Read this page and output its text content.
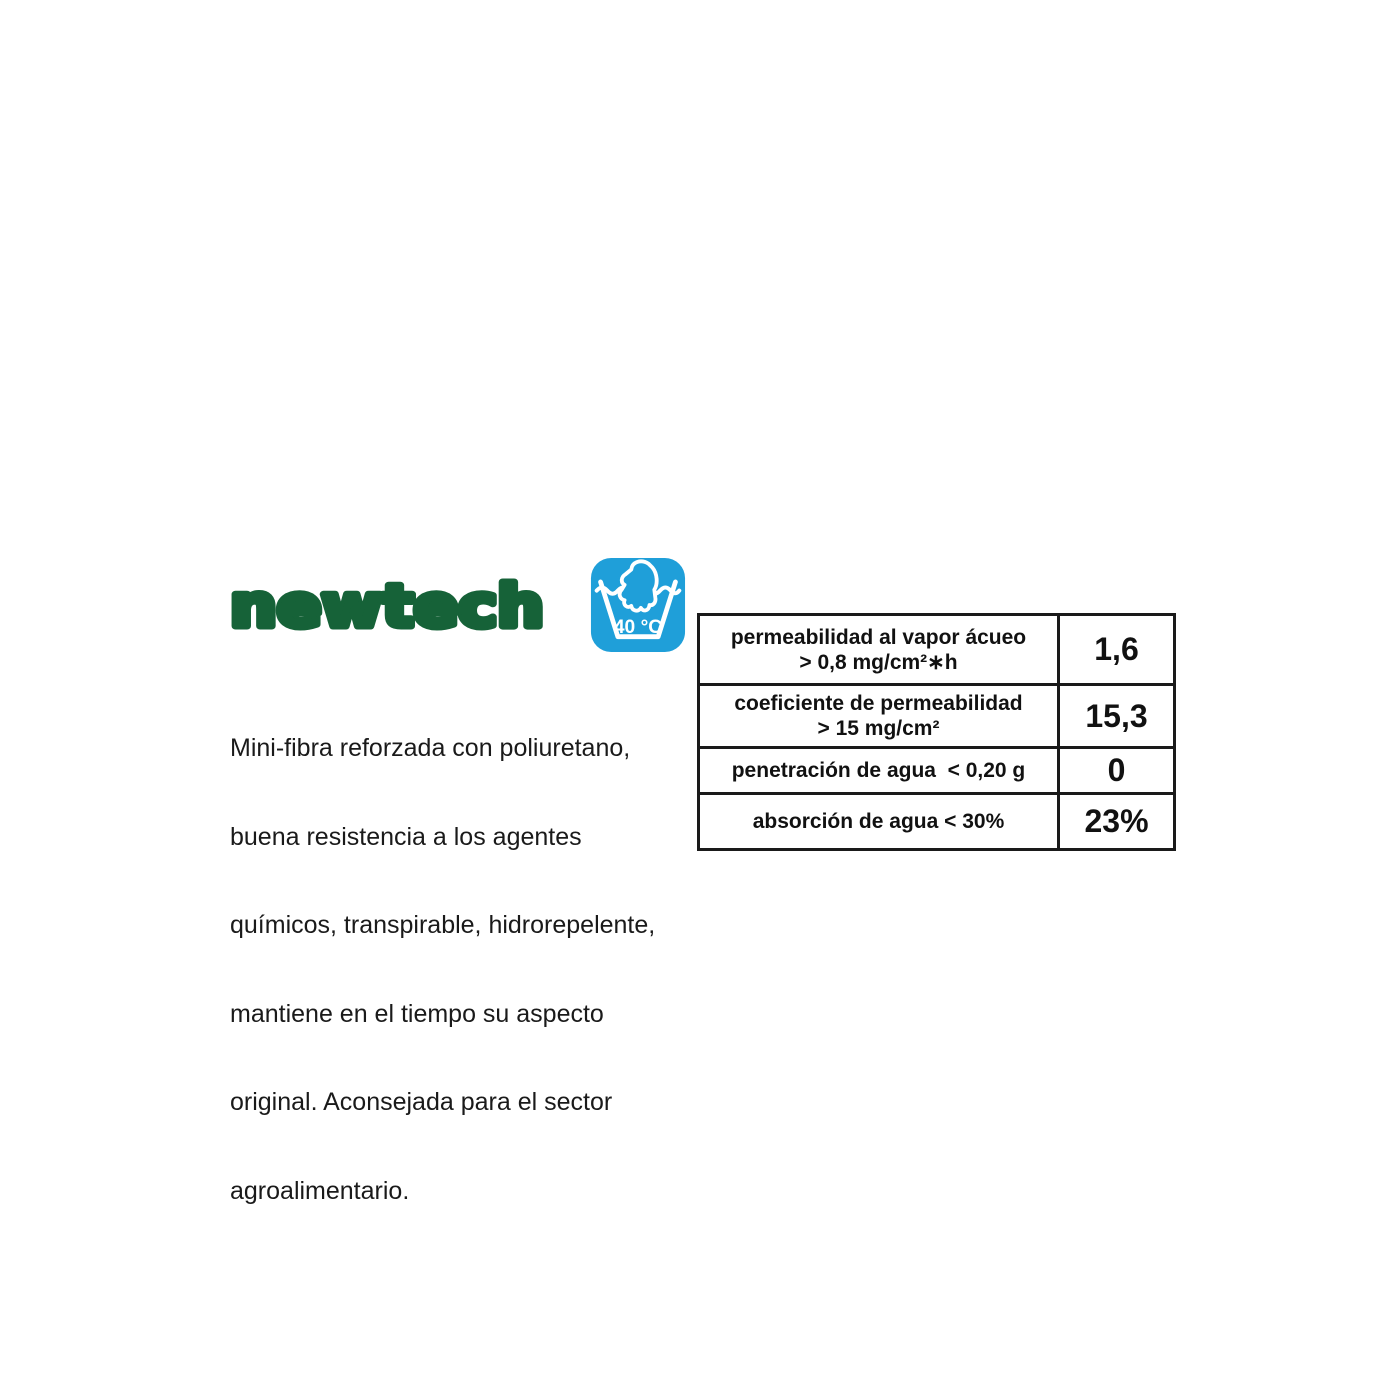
newtech	40 °C

Mini-fibra reforzada con poliuretano,

buena resistencia a los agentes

químicos, transpirable, hidrorepelente,

mantiene en el tiempo su aspecto

original. Aconsejada para el sector

agroalimentario.

permeabilidad al vapor ácueo
> 0,8 mg/cm²∗h	1,6

coeficiente de permeabilidad
> 15 mg/cm²	15,3

penetración de agua  < 0,20 g	0

absorción de agua < 30%	23%
